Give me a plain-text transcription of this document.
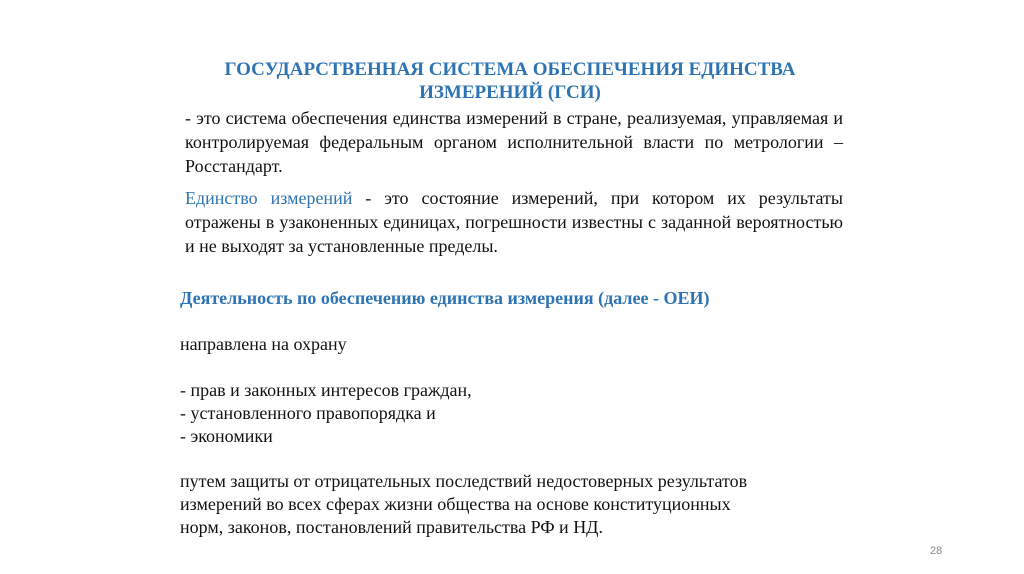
ГОСУДАРСТВЕННАЯ СИСТЕМА ОБЕСПЕЧЕНИЯ ЕДИНСТВА ИЗМЕРЕНИЙ (ГСИ)

- это система обеспечения единства измерений в стране, реализуемая, управляемая и контролируемая федеральным органом исполнительной власти по метрологии – Росстандарт.

Единство измерений - это состояние измерений, при котором их результаты отражены в узаконенных единицах, погрешности известны с заданной вероятностью и не выходят за установленные пределы.

Деятельность по обеспечению единства измерения (далее - ОЕИ)

направлена на охрану

- прав и законных интересов граждан,
- установленного правопорядка и
- экономики

путем защиты от отрицательных последствий недостоверных результатов
измерений во всех сферах жизни общества на основе конституционных
норм, законов, постановлений правительства РФ и НД.

28
